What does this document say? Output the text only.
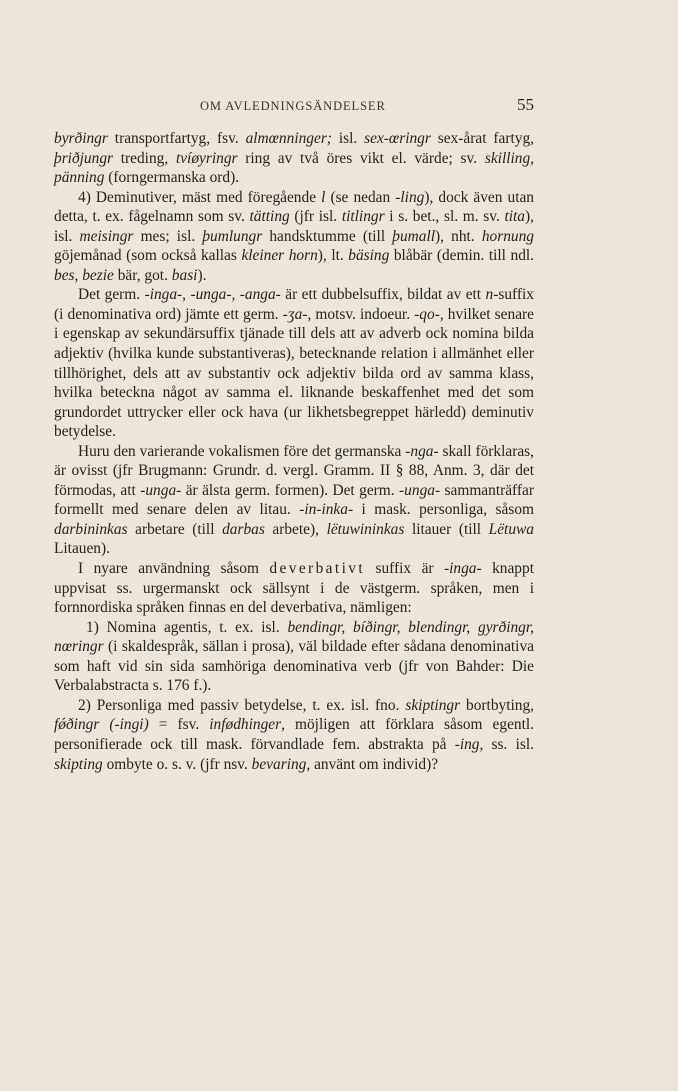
OM AVLEDNINGSÄNDELSER	55

byrðingr transportfartyg, fsv. almœnninger; isl. sex-œringr sex-årat fartyg, þriðjungr treding, tvíøyringr ring av två öres vikt el. värde; sv. skilling, pänning (forngermanska ord).

4) Deminutiver, mäst med föregående l (se nedan -ling), dock även utan detta, t. ex. fågelnamn som sv. tätting (jfr isl. titlingr i s. bet., sl. m. sv. tita), isl. meisingr mes; isl. þumlungr handsktumme (till þumall), nht. hornung göjemånad (som också kallas kleiner horn), lt. bäsing blåbär (demin. till ndl. bes, bezie bär, got. basi).

Det germ. -inga-, -unga-, -anga- är ett dubbelsuffix, bildat av ett n-suffix (i denominativa ord) jämte ett germ. -ʒa-, motsv. indoeur. -qo-, hvilket senare i egenskap av sekundärsuffix tjänade till dels att av adverb ock nomina bilda adjektiv (hvilka kunde substantiveras), betecknande relation i allmänhet eller tillhörighet, dels att av substantiv ock adjektiv bilda ord av samma klass, hvilka beteckna något av samma el. liknande beskaffenhet med det som grundordet uttrycker eller ock hava (ur likhetsbegreppet härledd) deminutiv betydelse.

Huru den varierande vokalismen före det germanska -nga- skall förklaras, är ovisst (jfr Brugmann: Grundr. d. vergl. Gramm. II § 88, Anm. 3, där det förmodas, att -unga- är älsta germ. formen). Det germ. -unga- sammanträffar formellt med senare delen av litau. -in-inka- i mask. personliga, såsom darbininkas arbetare (till darbas arbete), lëtuwininkas litauer (till Lëtuwa Litauen).

I nyare användning såsom deverbativt suffix är -inga- knappt uppvisat ss. urgermanskt ock sällsynt i de västgerm. språken, men i fornnordiska språken finnas en del deverbativa, nämligen:

1) Nomina agentis, t. ex. isl. bendingr, bíðingr, blendingr, gyrðingr, nœringr (i skaldespråk, sällan i prosa), väl bildade efter sådana denominativa som haft vid sin sida samhöriga denominativa verb (jfr von Bahder: Die Verbalabstracta s. 176 f.).

2) Personliga med passiv betydelse, t. ex. isl. fno. skiptingr bortbyting, fǿðingr (-ingi) = fsv. infødhinger, möjligen att förklara såsom egentl. personifierade ock till mask. förvandlade fem. abstrakta på -ing, ss. isl. skipting ombyte o. s. v. (jfr nsv. bevaring, använt om individ)?
